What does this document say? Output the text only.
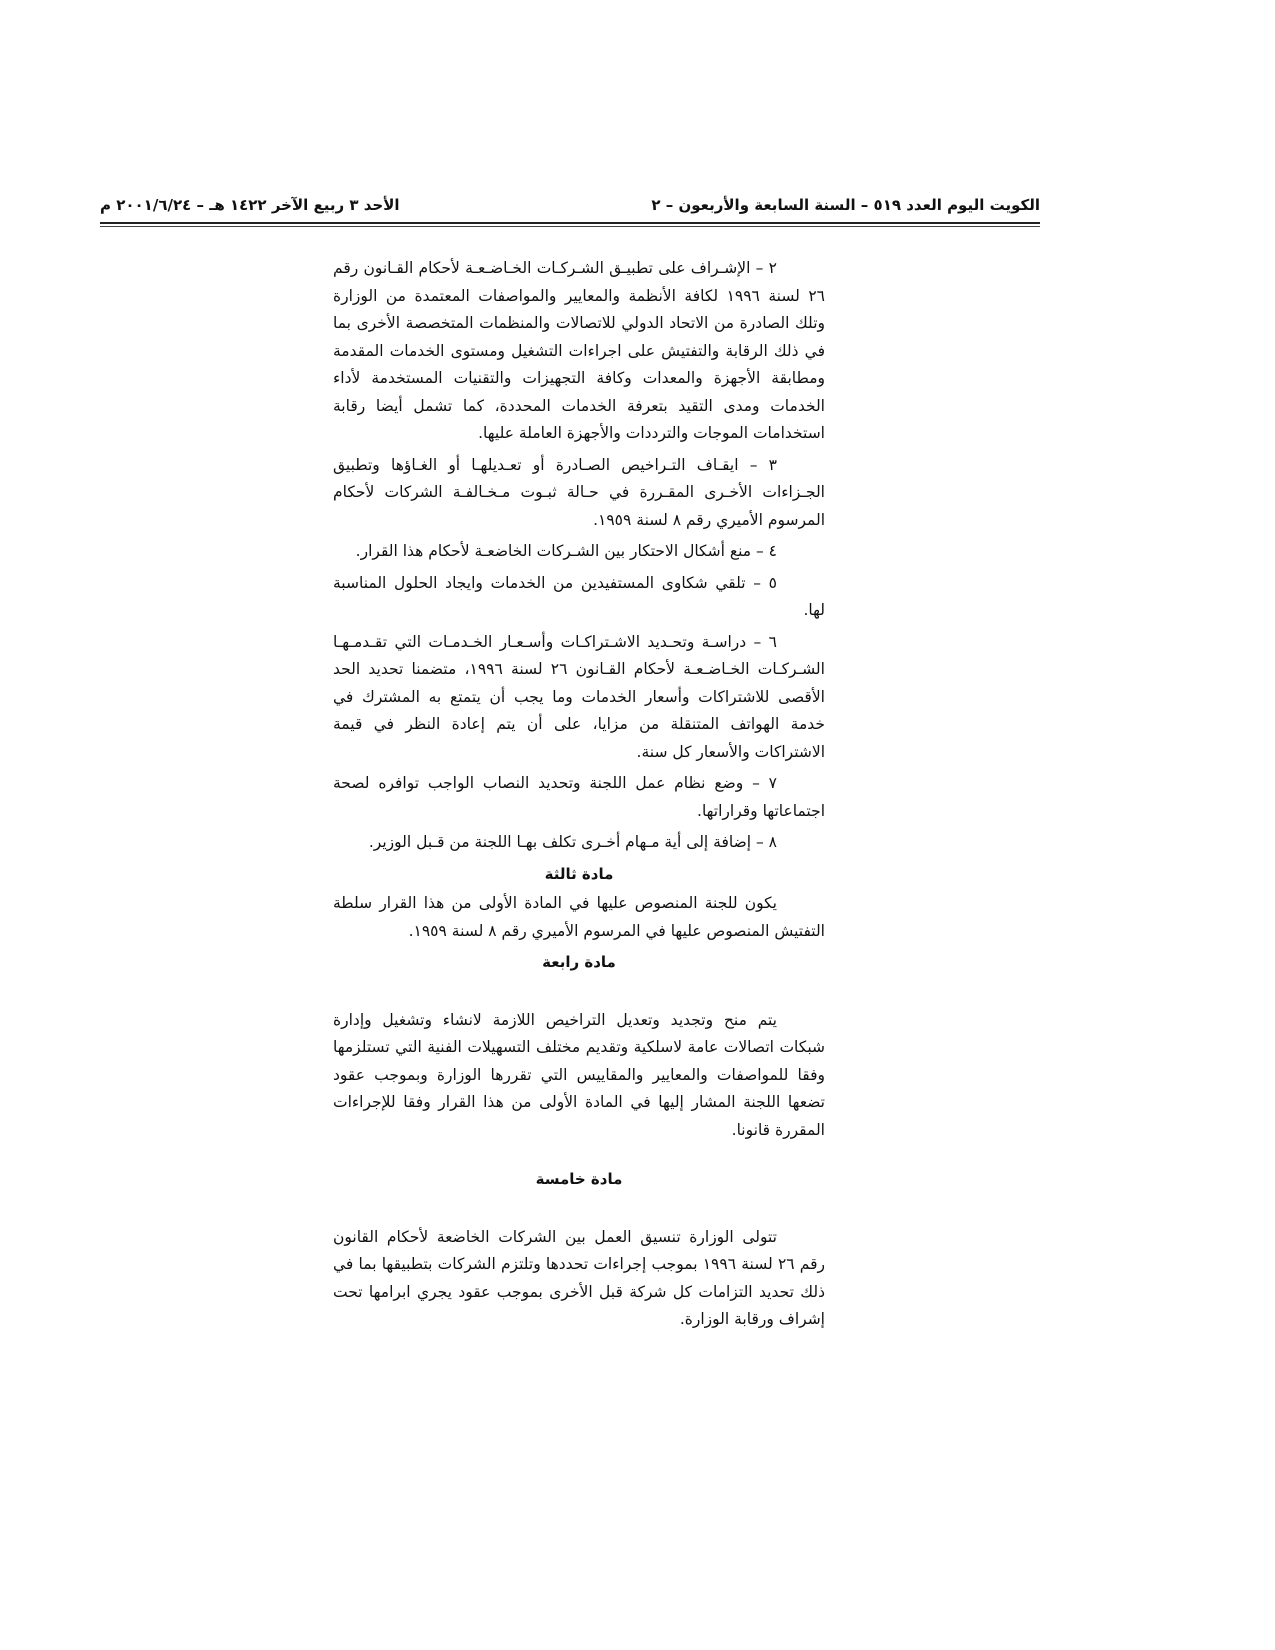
الكويت اليوم العدد ٥١٩ – السنة السابعة والأربعون – ٢
الأحد ٣ ربيع الآخر ١٤٢٢ هـ – ٢٠٠١/٦/٢٤ م

٢ – الإشـراف على تطبيـق الشـركـات الخـاضـعـة لأحكام القـانون رقم ٢٦ لسنة ١٩٩٦ لكافة الأنظمة والمعايير والمواصفات المعتمدة من الوزارة وتلك الصادرة من الاتحاد الدولي للاتصالات والمنظمات المتخصصة الأخرى بما في ذلك الرقابة والتفتيش على اجراءات التشغيل ومستوى الخدمات المقدمة ومطابقة الأجهزة والمعدات وكافة التجهيزات والتقنيات المستخدمة لأداء الخدمات ومدى التقيد بتعرفة الخدمات المحددة، كما تشمل أيضا رقابة استخدامات الموجات والترددات والأجهزة العاملة عليها.

٣ – ايقـاف التـراخيص الصـادرة أو تعـديلهـا أو الغـاؤها وتطبيق الجـزاءات الأخـرى المقـررة في حـالة ثبـوت مـخـالفـة الشركات لأحكام المرسوم الأميري رقم ٨ لسنة ١٩٥٩.

٤ – منع أشكال الاحتكار بين الشـركات الخاضعـة لأحكام هذا القرار.

٥ – تلقي شكاوى المستفيدين من الخدمات وايجاد الحلول المناسبة لها.

٦ – دراسـة وتحـديد الاشـتراكـات وأسـعـار الخـدمـات التي تقـدمـهـا الشـركـات الخـاضـعـة لأحكام القـانون ٢٦ لسنة ١٩٩٦، متضمنا تحديد الحد الأقصى للاشتراكات وأسعار الخدمات وما يجب أن يتمتع به المشترك في خدمة الهواتف المتنقلة من مزايا، على أن يتم إعادة النظر في قيمة الاشتراكات والأسعار كل سنة.

٧ – وضع نظام عمل اللجنة وتحديد النصاب الواجب توافره لصحة اجتماعاتها وقراراتها.

٨ – إضافة إلى أية مـهام أخـرى تكلف بهـا اللجنة من قـبل الوزير.

مادة ثالثة

يكون للجنة المنصوص عليها في المادة الأولى من هذا القرار سلطة التفتيش المنصوص عليها في المرسوم الأميري رقم ٨ لسنة ١٩٥٩.

مادة رابعة

يتم منح وتجديد وتعديل التراخيص اللازمة لانشاء وتشغيل وإدارة شبكات اتصالات عامة لاسلكية وتقديم مختلف التسهيلات الفنية التي تستلزمها وفقا للمواصفات والمعايير والمقاييس التي تقررها الوزارة وبموجب عقود تضعها اللجنة المشار إليها في المادة الأولى من هذا القرار وفقا للإجراءات المقررة قانونا.

مادة خامسة

تتولى الوزارة تنسيق العمل بين الشركات الخاضعة لأحكام القانون رقم ٢٦ لسنة ١٩٩٦ بموجب إجراءات تحددها وتلتزم الشركات بتطبيقها بما في ذلك تحديد التزامات كل شركة قبل الأخرى بموجب عقود يجري ابرامها تحت إشراف ورقابة الوزارة.
